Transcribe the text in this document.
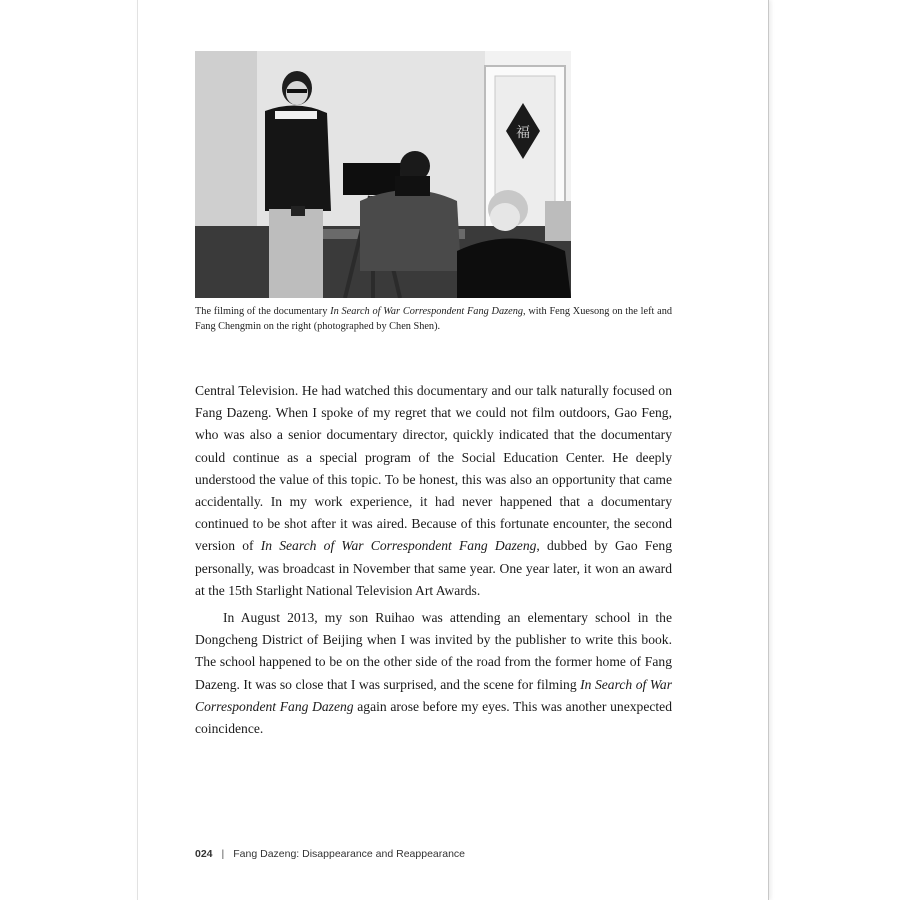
福
The filming of the documentary In Search of War Correspondent Fang Dazeng, with Feng Xuesong on the left and Fang Chengmin on the right (photographed by Chen Shen).

Central Television. He had watched this documentary and our talk naturally focused on Fang Dazeng. When I spoke of my regret that we could not film outdoors, Gao Feng, who was also a senior documentary director, quickly indicated that the documentary could continue as a special program of the Social Education Center. He deeply understood the value of this topic. To be honest, this was also an opportunity that came accidentally. In my work experience, it had never happened that a documentary continued to be shot after it was aired. Because of this fortunate encounter, the second version of In Search of War Correspondent Fang Dazeng, dubbed by Gao Feng personally, was broadcast in November that same year. One year later, it won an award at the 15th Starlight National Television Art Awards.

In August 2013, my son Ruihao was attending an elementary school in the Dongcheng District of Beijing when I was invited by the publisher to write this book. The school happened to be on the other side of the road from the former home of Fang Dazeng. It was so close that I was surprised, and the scene for filming In Search of War Correspondent Fang Dazeng again arose before my eyes. This was another unexpected coincidence.

024 | Fang Dazeng: Disappearance and Reappearance
